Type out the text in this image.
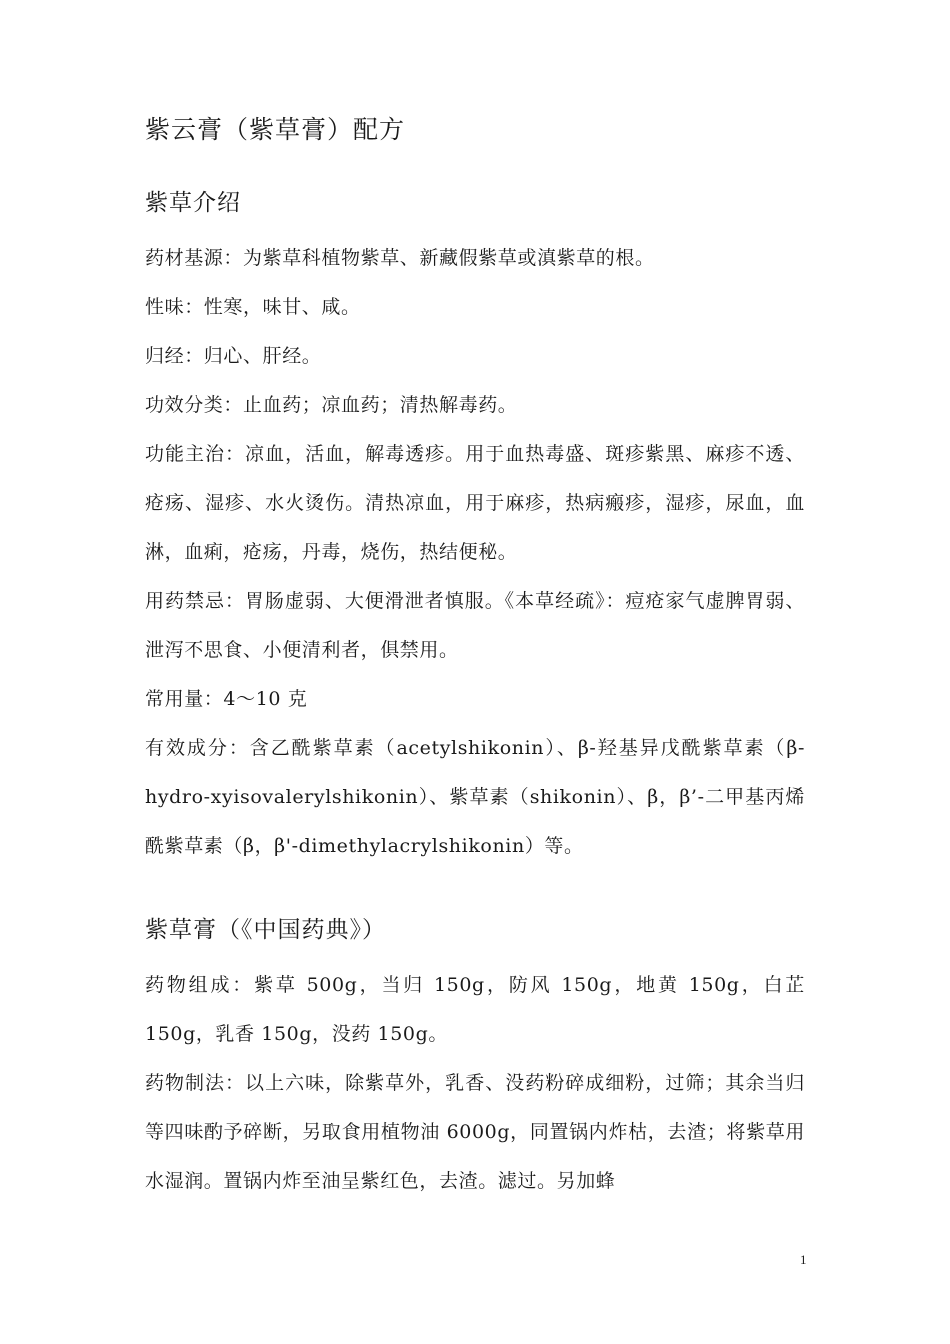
紫云膏（紫草膏）配方
紫草介绍

药材基源：为紫草科植物紫草、新藏假紫草或滇紫草的根。

性味：性寒，味甘、咸。

归经：归心、肝经。

功效分类：止血药；凉血药；清热解毒药。

功能主治：凉血，活血，解毒透疹。用于血热毒盛、斑疹紫黑、麻疹不透、疮疡、湿疹、水火烫伤。清热凉血，用于麻疹，热病瘢疹，湿疹，尿血，血淋，血痢，疮疡，丹毒，烧伤，热结便秘。

用药禁忌：胃肠虚弱、大便滑泄者慎服。《本草经疏》：痘疮家气虚脾胃弱、泄泻不思食、小便清利者，俱禁用。

常用量：4～10 克

有效成分：含乙酰紫草素（acetylshikonin）、β-羟基异戊酰紫草素（β-hydro-xyisovalerylshikonin）、紫草素（shikonin）、β，β’-二甲基丙烯酰紫草素（β，β'-dimethylacrylshikonin）等。

紫草膏（《中国药典》）

药物组成：紫草 500g，当归 150g，防风 150g，地黄 150g，白芷 150g，乳香 150g，没药 150g。

药物制法：以上六味，除紫草外，乳香、没药粉碎成细粉，过筛；其余当归等四味酌予碎断，另取食用植物油 6000g，同置锅内炸枯，去渣；将紫草用水湿润。置锅内炸至油呈紫红色，去渣。滤过。另加蜂

1
